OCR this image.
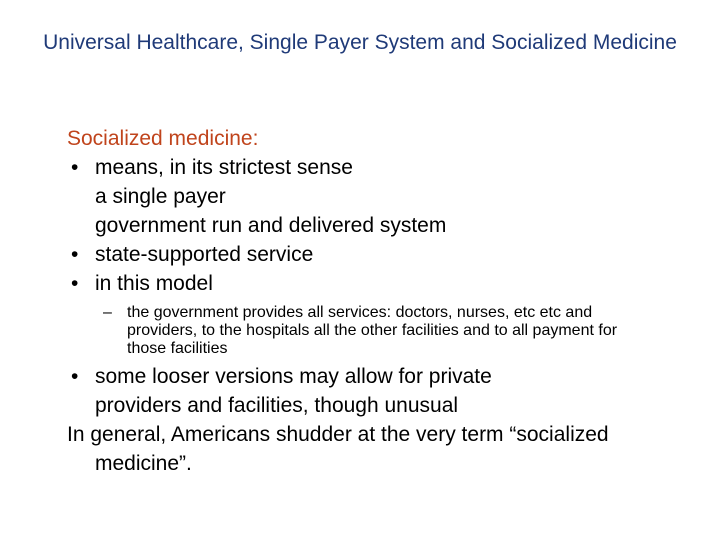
Universal Healthcare, Single Payer System and Socialized Medicine
Socialized medicine:
• means, in its strictest sense
a single payer
government run and delivered system
• state-supported service
• in this model
– the government provides all services: doctors, nurses, etc etc and providers, to the hospitals all the other facilities and to all payment for those facilities
• some looser versions may allow for private
providers and facilities, though unusual
In general, Americans shudder at the very term “socialized medicine”.
